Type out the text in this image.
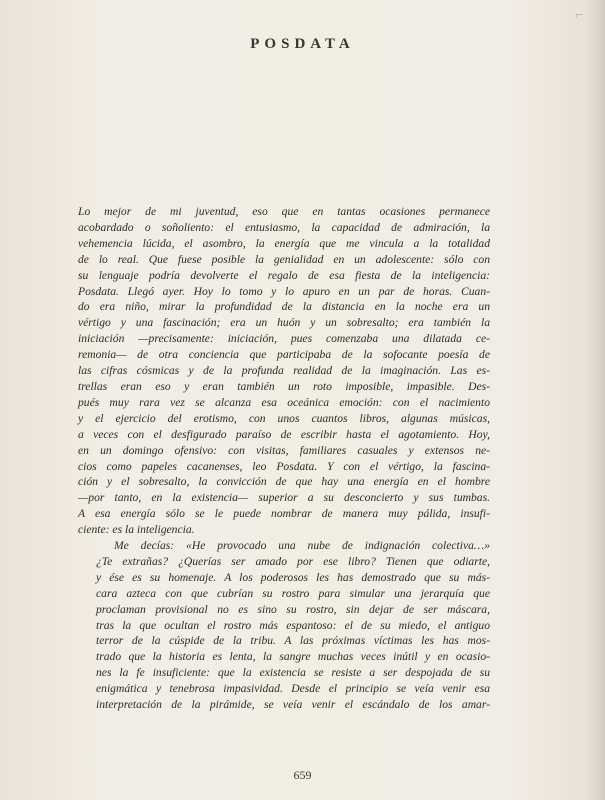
⌐
POSDATA

Lo mejor de mi juventud, eso que en tantas ocasiones permanece
acobardado o soñoliento: el entusiasmo, la capacidad de admiración, la
vehemencia lúcida, el asombro, la energía que me vincula a la totalidad
de lo real. Que fuese posible la genialidad en un adolescente: sólo con
su lenguaje podría devolverte el regalo de esa fiesta de la inteligencia:
Posdata. Llegó ayer. Hoy lo tomo y lo apuro en un par de horas. Cuan-
do era niño, mirar la profundidad de la distancia en la noche era un
vértigo y una fascinación; era un huón y un sobresalto; era también la
iniciación —precisamente: iniciación, pues comenzaba una dilatada ce-
remonia— de otra conciencia que participaba de la sofocante poesía de
las cifras cósmicas y de la profunda realidad de la imaginación. Las es-
trellas eran eso y eran también un roto imposible, impasible. Des-
pués muy rara vez se alcanza esa oceánica emoción: con el nacimiento
y el ejercicio del erotismo, con unos cuantos libros, algunas músicas,
a veces con el desfigurado paraíso de escribir hasta el agotamiento. Hoy,
en un domingo ofensivo: con visitas, familiares casuales y extensos ne-
cios como papeles cacanenses, leo Posdata. Y con el vértigo, la fascina-
ción y el sobresalto, la convicción de que hay una energía en el hombre
—por tanto, en la existencia— superior a su desconcierto y sus tumbas.
A esa energía sólo se le puede nombrar de manera muy pálida, insufi-
ciente: es la inteligencia.

Me decías: «He provocado una nube de indignación colectiva…»
¿Te extrañas? ¿Querías ser amado por ese libro? Tienen que odiarte,
y ése es su homenaje. A los poderosos les has demostrado que su más-
cara azteca con que cubrían su rostro para simular una jerarquía que
proclaman provisional no es sino su rostro, sin dejar de ser máscara,
tras la que ocultan el rostro más espantoso: el de su miedo, el antiguo
terror de la cúspide de la tribu. A las próximas víctimas les has mos-
trado que la historia es lenta, la sangre muchas veces inútil y en ocasio-
nes la fe insuficiente: que la existencia se resiste a ser despojada de su
enigmática y tenebrosa impasividad. Desde el principio se veía venir esa
interpretación de la pirámide, se veía venir el escándalo de los amar-

659
